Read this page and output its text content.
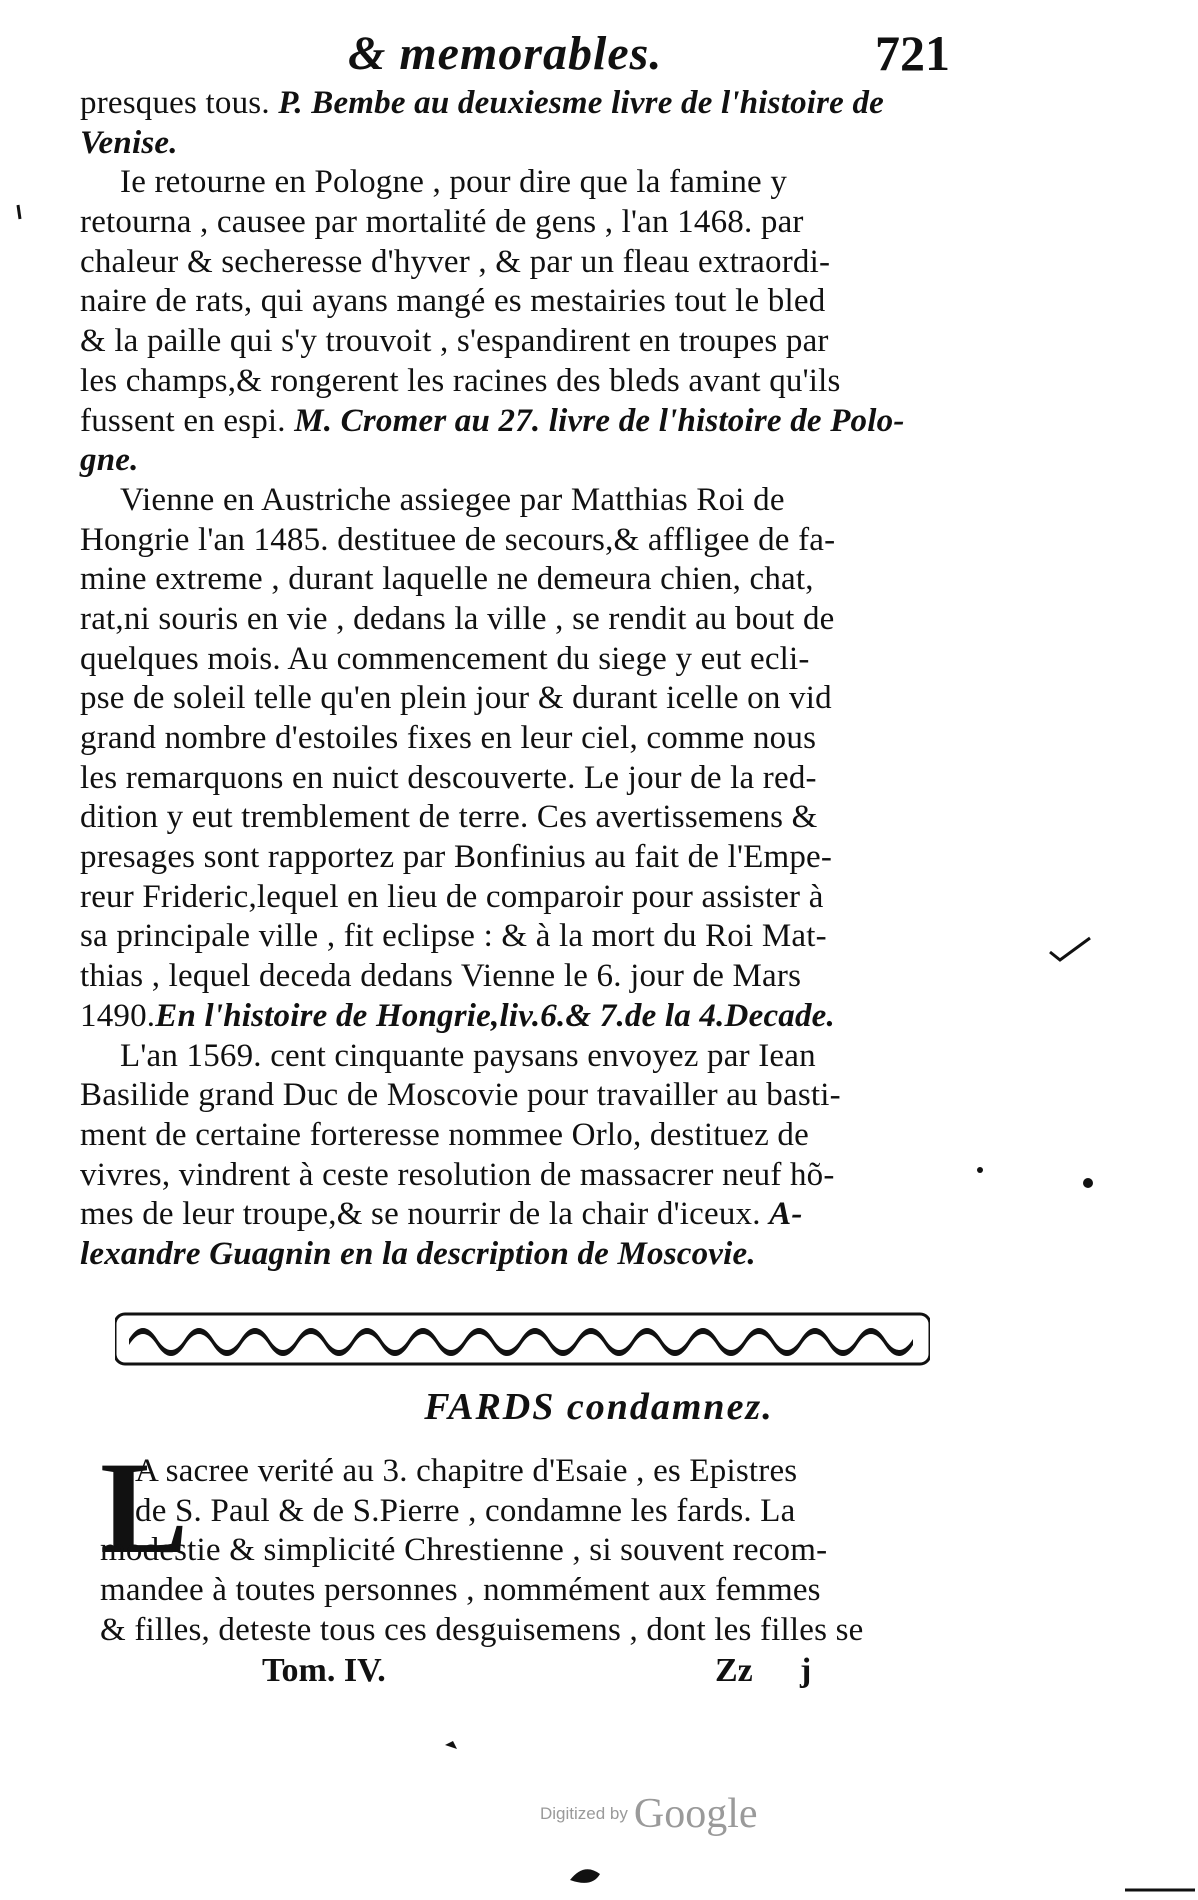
& memorables.	721
presques tous. P. Bembe au deuxiesme livre de l'histoire de
Venise.
Ie retourne en Pologne , pour dire que la famine y
retourna , causee par mortalité de gens , l'an 1468. par
chaleur & secheresse d'hyver , & par un fleau extraordi-
naire de rats, qui ayans mangé es mestairies tout le bled
& la paille qui s'y trouvoit , s'espandirent en troupes par
les champs,& rongerent les racines des bleds avant qu'ils
fussent en espi. M. Cromer au 27. livre de l'histoire de Polo-
gne.
Vienne en Austriche assiegee par Matthias Roi de
Hongrie l'an 1485. destituee de secours,& affligee de fa-
mine extreme , durant laquelle ne demeura chien, chat,
rat,ni souris en vie , dedans la ville , se rendit au bout de
quelques mois. Au commencement du siege y eut ecli-
pse de soleil telle qu'en plein jour & durant icelle on vid
grand nombre d'estoiles fixes en leur ciel, comme nous
les remarquons en nuict descouverte. Le jour de la red-
dition y eut tremblement de terre. Ces avertissemens &
presages sont rapportez par Bonfinius au fait de l'Empe-
reur Frideric,lequel en lieu de comparoir pour assister à
sa principale ville , fit eclipse : & à la mort du Roi Mat-
thias , lequel deceda dedans Vienne le 6. jour de Mars
1490.En l'histoire de Hongrie,liv.6.& 7.de la 4.Decade.
L'an 1569. cent cinquante paysans envoyez par Iean
Basilide grand Duc de Moscovie pour travailler au basti-
ment de certaine forteresse nommee Orlo, destituez de
vivres, vindrent à ceste resolution de massacrer neuf hõ-
mes de leur troupe,& se nourrir de la chair d'iceux. A-
lexandre Guagnin en la description de Moscovie.
FARDS condamnez.
L
A sacree verité au 3. chapitre d'Esaie , es Epistres
de S. Paul & de S.Pierre , condamne les fards. La
modestie & simplicité Chrestienne , si souvent recom-
mandee à toutes personnes , nommément aux femmes
& filles, deteste tous ces desguisemens , dont les filles se
Tom. IV.	Zz j
Digitized by Google
